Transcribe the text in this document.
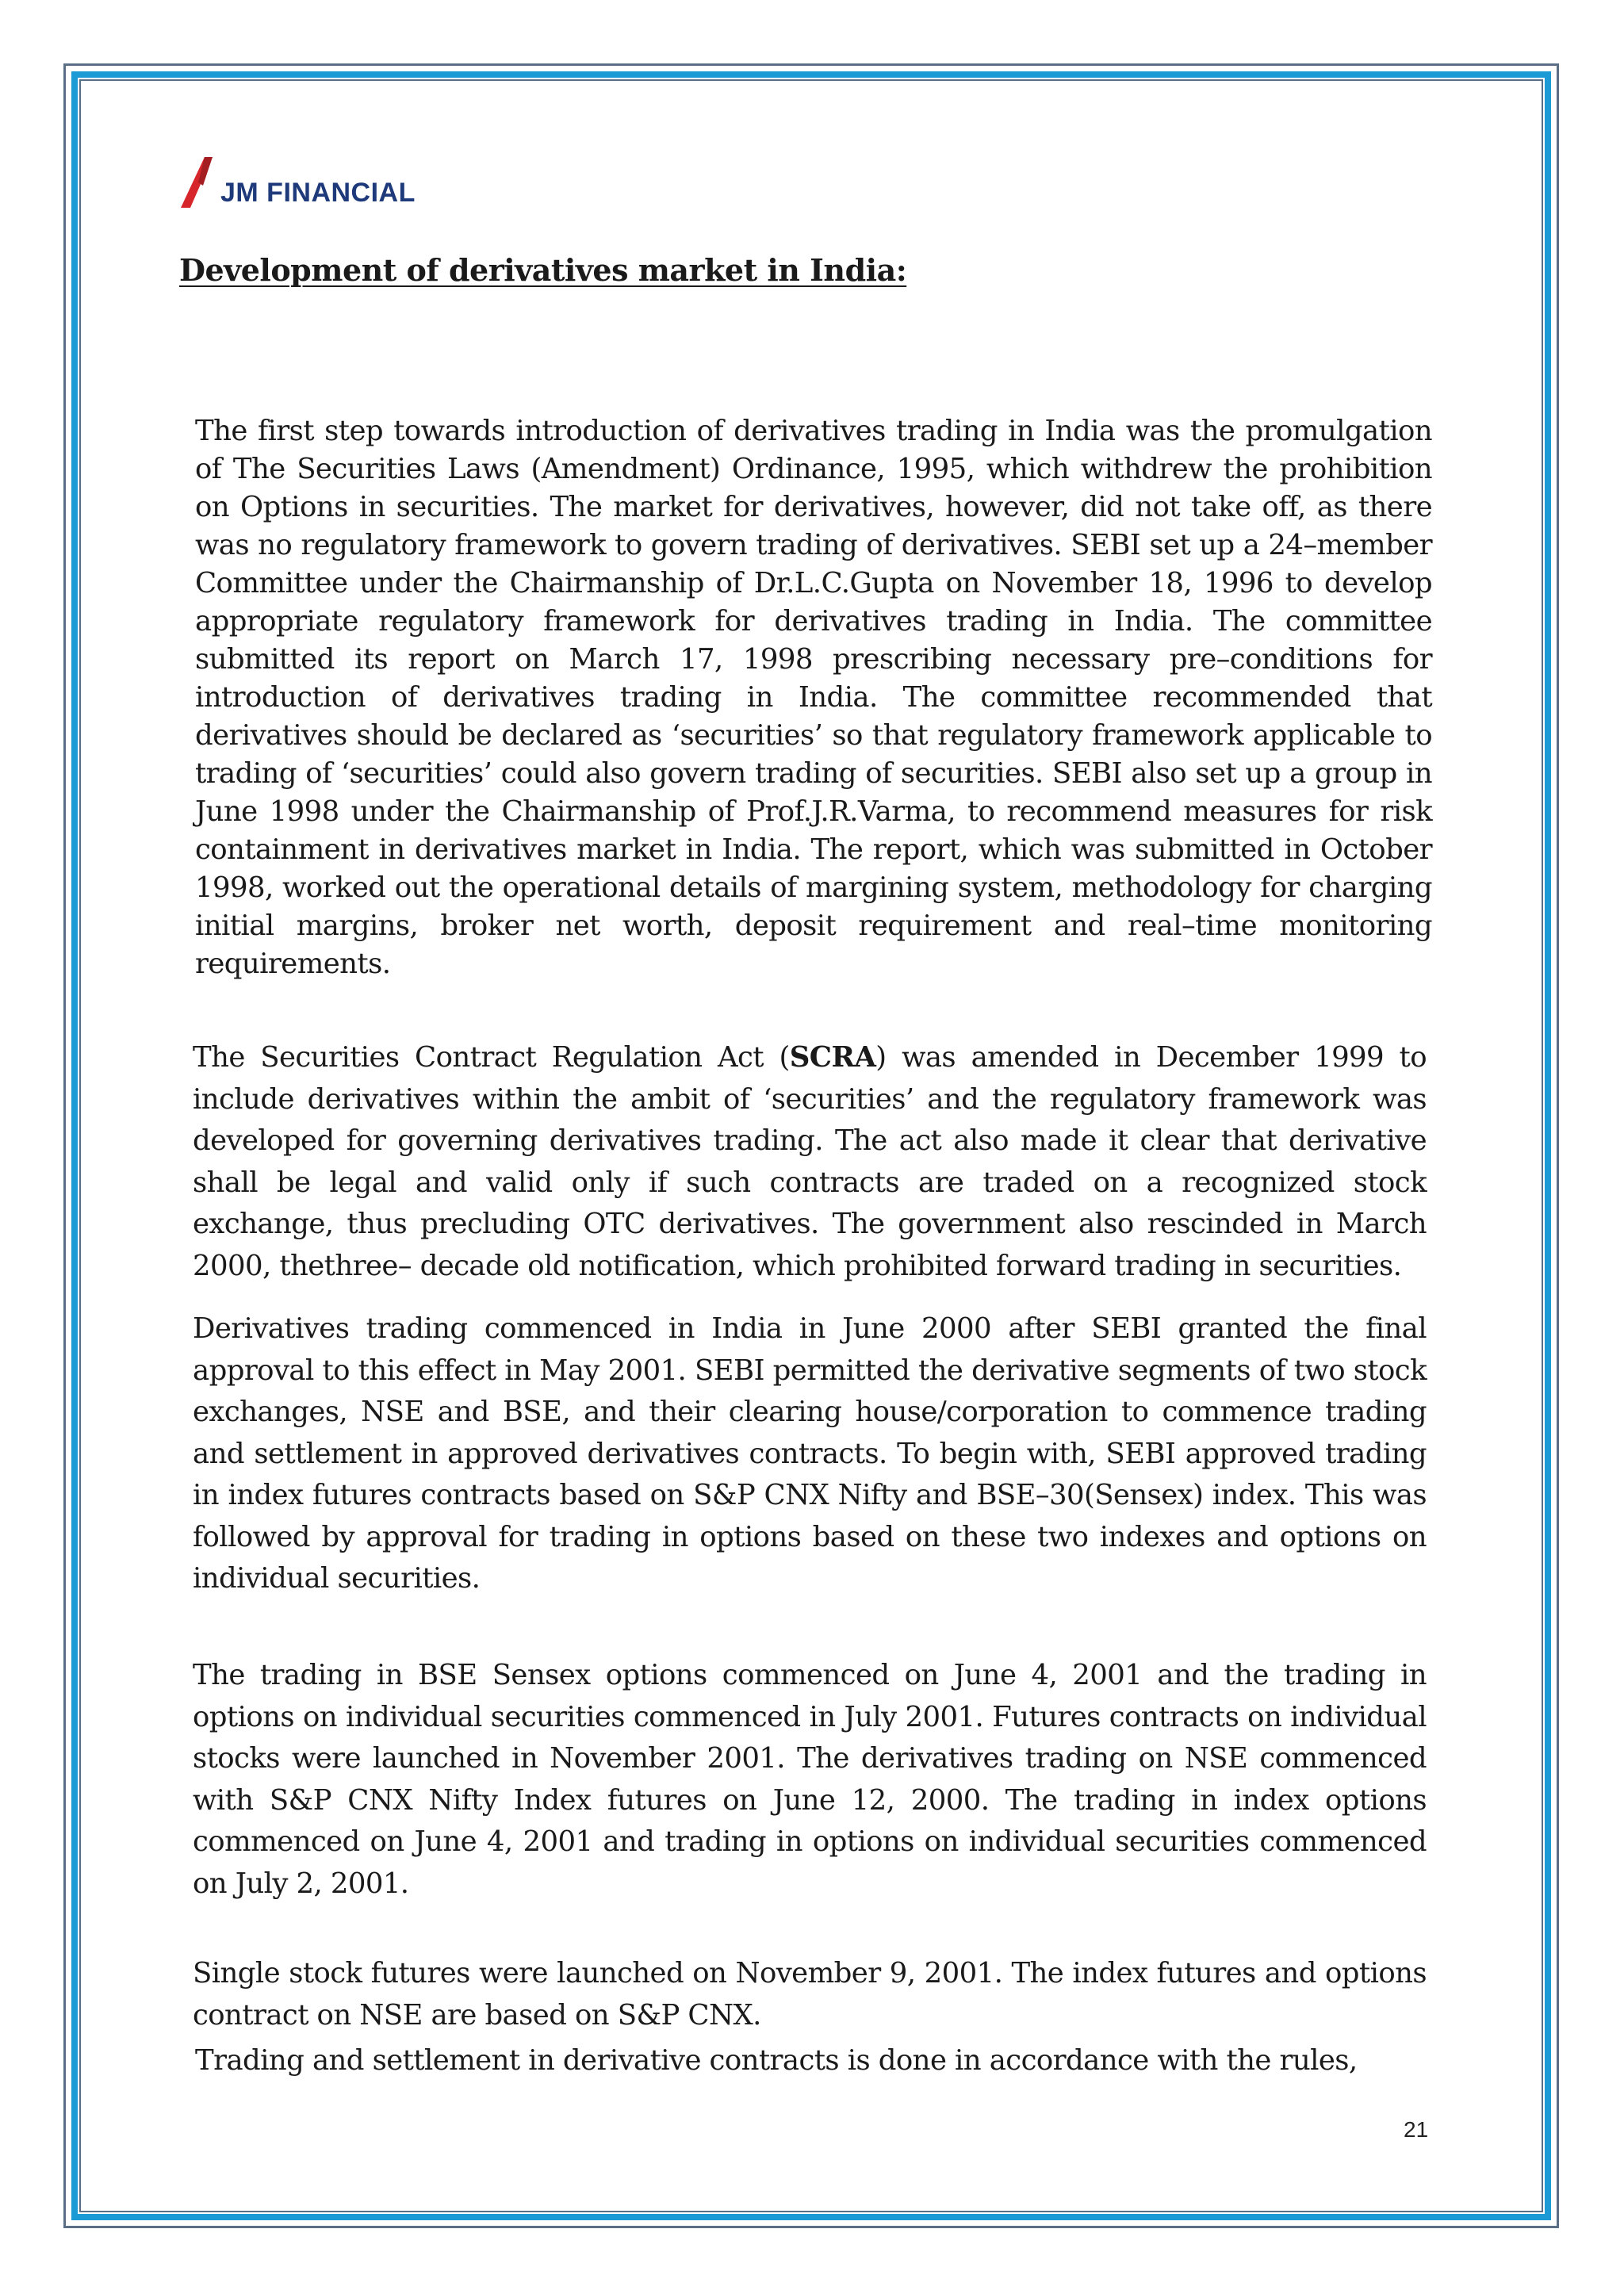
JM FINANCIAL
Development of derivatives market in India:

The first step towards introduction of derivatives trading in India was the promulgation of The Securities Laws (Amendment) Ordinance, 1995, which withdrew the prohibition on Options in securities. The market for derivatives, however, did not take off, as there was no regulatory framework to govern trading of derivatives. SEBI set up a 24–member Committee under the Chairmanship of Dr.L.C.Gupta on November 18, 1996 to develop appropriate regulatory framework for derivatives trading in India. The committee submitted its report on March 17, 1998 prescribing necessary pre–conditions for introduction of derivatives trading in India. The committee recommended that derivatives should be declared as ‘securities’ so that regulatory framework applicable to trading of ‘securities’ could also govern trading of securities. SEBI also set up a group in June 1998 under the Chairmanship of Prof.J.R.Varma, to recommend measures for risk containment in derivatives market in India. The report, which was submitted in October 1998, worked out the operational details of margining system, methodology for charging initial margins, broker net worth, deposit requirement and real–time monitoring requirements.

The Securities Contract Regulation Act (SCRA) was amended in December 1999 to include derivatives within the ambit of ‘securities’ and the regulatory framework was developed for governing derivatives trading. The act also made it clear that derivative shall be legal and valid only if such contracts are traded on a recognized stock exchange, thus precluding OTC derivatives. The government also rescinded in March 2000, thethree– decade old notification, which prohibited forward trading in securities.

Derivatives trading commenced in India in June 2000 after SEBI granted the final approval to this effect in May 2001. SEBI permitted the derivative segments of two stock exchanges, NSE and BSE, and their clearing house/corporation to commence trading and settlement in approved derivatives contracts. To begin with, SEBI approved trading in index futures contracts based on S&P CNX Nifty and BSE–30(Sensex) index. This was followed by approval for trading in options based on these two indexes and options on individual securities.

The trading in BSE Sensex options commenced on June 4, 2001 and the trading in options on individual securities commenced in July 2001. Futures contracts on individual stocks were launched in November 2001. The derivatives trading on NSE commenced with S&P CNX Nifty Index futures on June 12, 2000. The trading in index options commenced on June 4, 2001 and trading in options on individual securities commenced on July 2, 2001.

Single stock futures were launched on November 9, 2001. The index futures and options contract on NSE are based on S&P CNX.

Trading and settlement in derivative contracts is done in accordance with the rules,

21
